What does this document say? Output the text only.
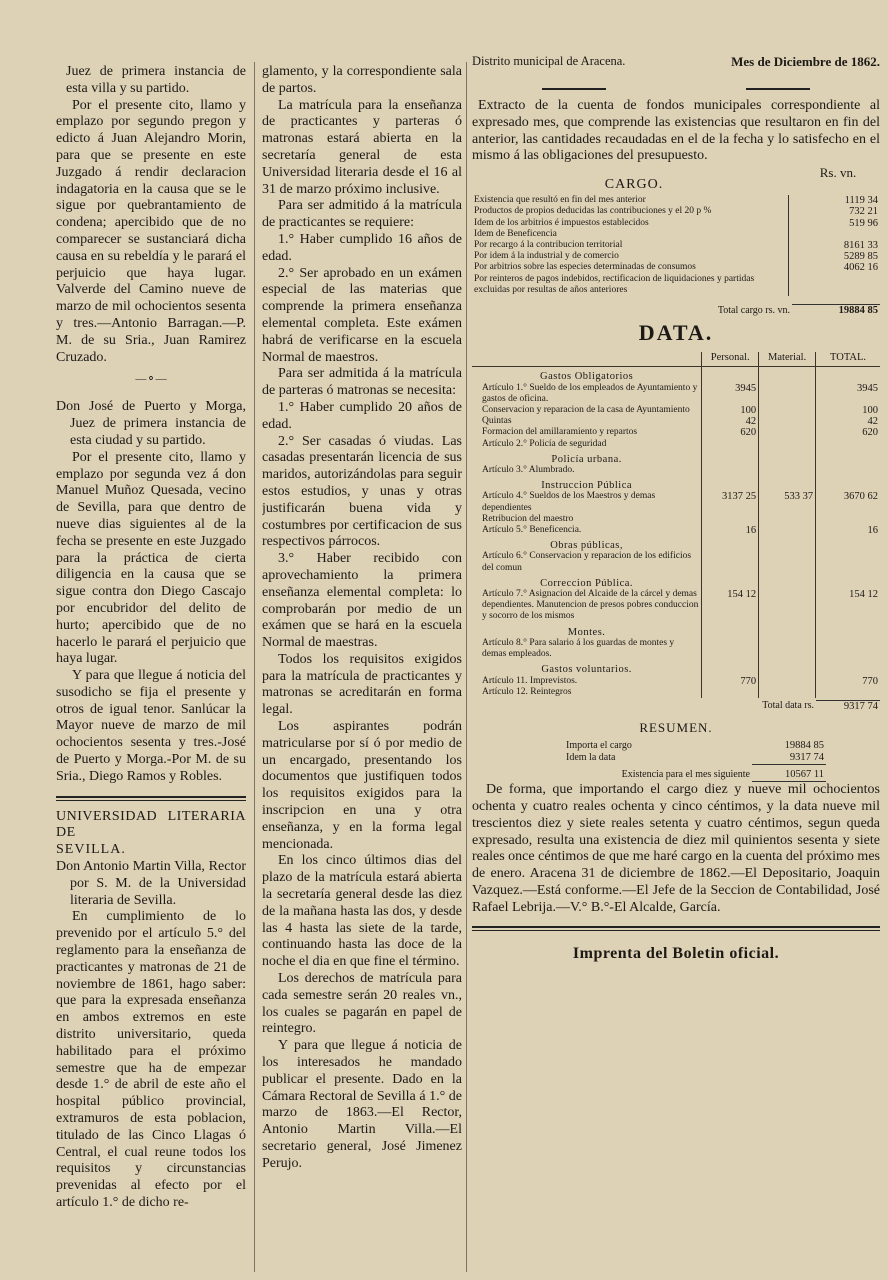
Juez de primera instancia de esta villa y su partido.

Por el presente cito, llamo y emplazo por segundo pregon y edicto á Juan Alejandro Morin, para que se presente en este Juzgado á rendir declaracion indagatoria en la causa que se le sigue por quebrantamiento de condena; apercibido que de no comparecer se sustanciará dicha causa en su rebeldía y le parará el perjuicio que haya lugar. Valverde del Camino nueve de marzo de mil ochocientos sesenta y tres.—Antonio Barragan.—P. M. de su Sria., Juan Ramirez Cruzado.

—⚬—

Don José de Puerto y Morga, Juez de primera instancia de esta ciudad y su partido.

Por el presente cito, llamo y emplazo por segunda vez á don Manuel Muñoz Quesada, vecino de Sevilla, para que dentro de nueve dias siguientes al de la fecha se presente en este Juzgado para la práctica de cierta diligencia en la causa que se sigue contra don Diego Cascajo por encubridor del delito de hurto; apercibido que de no hacerlo le parará el perjuicio que haya lugar.

Y para que llegue á noticia del susodicho se fija el presente y otros de igual tenor. Sanlúcar la Mayor nueve de marzo de mil ochocientos sesenta y tres.-José de Puerto y Morga.-Por M. de su Sria., Diego Ramos y Robles.

UNIVERSIDAD LITERARIA DE

SEVILLA.

Don Antonio Martin Villa, Rector por S. M. de la Universidad literaria de Sevilla.

En cumplimiento de lo prevenido por el artículo 5.° del reglamento para la enseñanza de practicantes y matronas de 21 de noviembre de 1861, hago saber: que para la expresada enseñanza en ambos extremos en este distrito universitario, queda habilitado para el próximo semestre que ha de empezar desde 1.° de abril de este año el hospital público provincial, extramuros de esta poblacion, titulado de las Cinco Llagas ó Central, el cual reune todos los requisitos y circunstancias prevenidas al efecto por el artículo 1.° de dicho re-

glamento, y la correspondiente sala de partos.

La matrícula para la enseñanza de practicantes y parteras ó matronas estará abierta en la secretaría general de esta Universidad literaria desde el 16 al 31 de marzo próximo inclusive.

Para ser admitido á la matrícula de practicantes se requiere:

1.° Haber cumplido 16 años de edad.

2.° Ser aprobado en un exámen especial de las materias que comprende la primera enseñanza elemental completa. Este exámen habrá de verificarse en la escuela Normal de maestros.

Para ser admitida á la matrícula de parteras ó matronas se necesita:

1.° Haber cumplido 20 años de edad.

2.° Ser casadas ó viudas. Las casadas presentarán licencia de sus maridos, autorizándolas para seguir estos estudios, y unas y otras justificarán buena vida y costumbres por certificacion de sus respectivos párrocos.

3.° Haber recibido con aprovechamiento la primera enseñanza elemental completa: lo comprobarán por medio de un exámen que se hará en la escuela Normal de maestras.

Todos los requisitos exigidos para la matrícula de practicantes y matronas se acreditarán en forma legal.

Los aspirantes podrán matricularse por sí ó por medio de un encargado, presentando los documentos que justifiquen todos los requisitos exigidos para la inscripcion en una y otra enseñanza, y en la forma legal mencionada.

En los cinco últimos dias del plazo de la matrícula estará abierta la secretaría general desde las diez de la mañana hasta las dos, y desde las 4 hasta las siete de la tarde, continuando hasta las doce de la noche el dia en que fine el término.

Los derechos de matrícula para cada semestre serán 20 reales vn., los cuales se pagarán en papel de reintegro.

Y para que llegue á noticia de los interesados he mandado publicar el presente. Dado en la Cámara Rectoral de Sevilla á 1.° de marzo de 1863.—El Rector, Antonio Martin Villa.—El secretario general, José Jimenez Perujo.

Distrito municipal de Aracena.	Mes de Diciembre de 1862.

Extracto de la cuenta de fondos municipales correspondiente al expresado mes, que comprende las existencias que resultaron en fin del anterior, las cantidades recaudadas en el de la fecha y lo satisfecho en el mismo á las obligaciones del presupuesto.

CARGO.
Rs. vn.
Existencia que resultó en fin del mes anterior	1119 34
Productos de propios deducidas las contribuciones y el 20 p %	732 21
Idem de los arbitrios é impuestos establecidos	519 96
Idem de Beneficencia	
Por recargo á la contribucion territorial	8161 33
Por idem á la industrial y de comercio	5289 85
Por arbitrios sobre las especies determinadas de consumos	4062 16
Por reinteros de pagos indebidos, rectificacion de liquidaciones y partidas excluidas por resultas de años anteriores	
Total cargo rs. vn.	19884 85
DATA.
	Personal.	Material.	TOTAL.
Gastos Obligatorios			
Artículo 1.° Sueldo de los empleados de Ayuntamiento y gastos de oficina.	3945		3945
Conservacion y reparacion de la casa de Ayuntamiento	100		100
Quintas	42		42
Formacion del amillaramiento y repartos	620		620
Artículo 2.° Policía de seguridad			
Policía urbana.			
Artículo 3.° Alumbrado.			
Instruccion Pública			
Artículo 4.° Sueldos de los Maestros y demas dependientes	3137 25	533 37	3670 62
Retribucion del maestro			
Artículo 5.° Beneficencia.	16		16
Obras públicas,			
Artículo 6.° Conservacion y reparacion de los edificios del comun			
Correccion Pública.			
Artículo 7.° Asignacion del Alcaide de la cárcel y demas dependientes. Manutencion de presos pobres conduccion y socorro de los mismos	154 12		154 12
Montes.			
Artículo 8.° Para salario á los guardas de montes y demas empleados.			
Gastos voluntarios.			
Artículo 11. Imprevistos.	770		770
Artículo 12. Reintegros			
Total data rs.	9317 74
RESUMEN.
Importa el cargo	19884 85
Idem la data	9317 74
Existencia para el mes siguiente	10567 11

De forma, que importando el cargo diez y nueve mil ochocientos ochenta y cuatro reales ochenta y cinco céntimos, y la data nueve mil trescientos diez y siete reales setenta y cuatro céntimos, segun queda expresado, resulta una existencia de diez mil quinientos sesenta y siete reales once céntimos de que me haré cargo en la cuenta del próximo mes de enero. Aracena 31 de diciembre de 1862.—El Depositario, Joaquin Vazquez.—Está conforme.—El Jefe de la Seccion de Contabilidad, José Rafael Lebrija.—V.° B.°-El Alcalde, García.

Imprenta del Boletin oficial.
